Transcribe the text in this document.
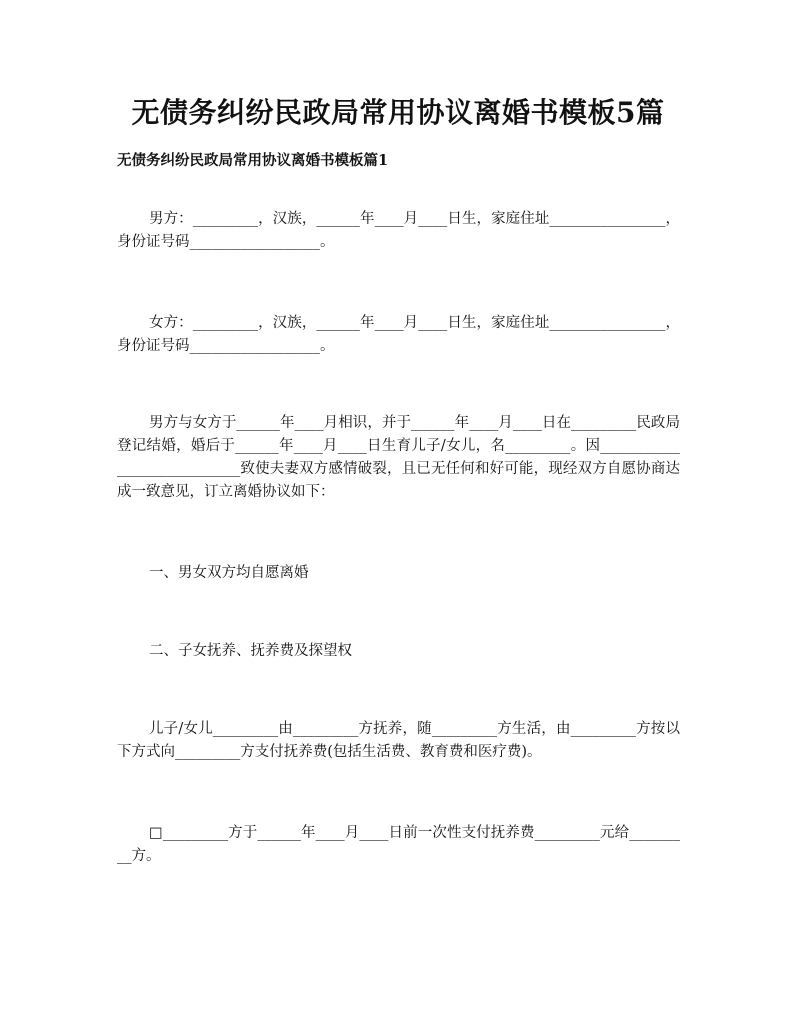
无债务纠纷民政局常用协议离婚书模板5篇
无债务纠纷民政局常用协议离婚书模板篇1
男方：_________，汉族，______年____月____日生，家庭住址________________，身份证号码__________________。
女方：_________，汉族，______年____月____日生，家庭住址________________，身份证号码__________________。
男方与女方于______年____月相识，并于______年____月____日在_________民政局登记结婚，婚后于______年____月____日生育儿子/女儿，名_________。因____________________________致使夫妻双方感情破裂，且已无任何和好可能，现经双方自愿协商达成一致意见，订立离婚协议如下：
一、男女双方均自愿离婚
二、子女抚养、抚养费及探望权
儿子/女儿_________由_________方抚养，随_________方生活，由_________方按以下方式向_________方支付抚养费(包括生活费、教育费和医疗费)。
□_________方于______年____月____日前一次性支付抚养费_________元给_________方。
